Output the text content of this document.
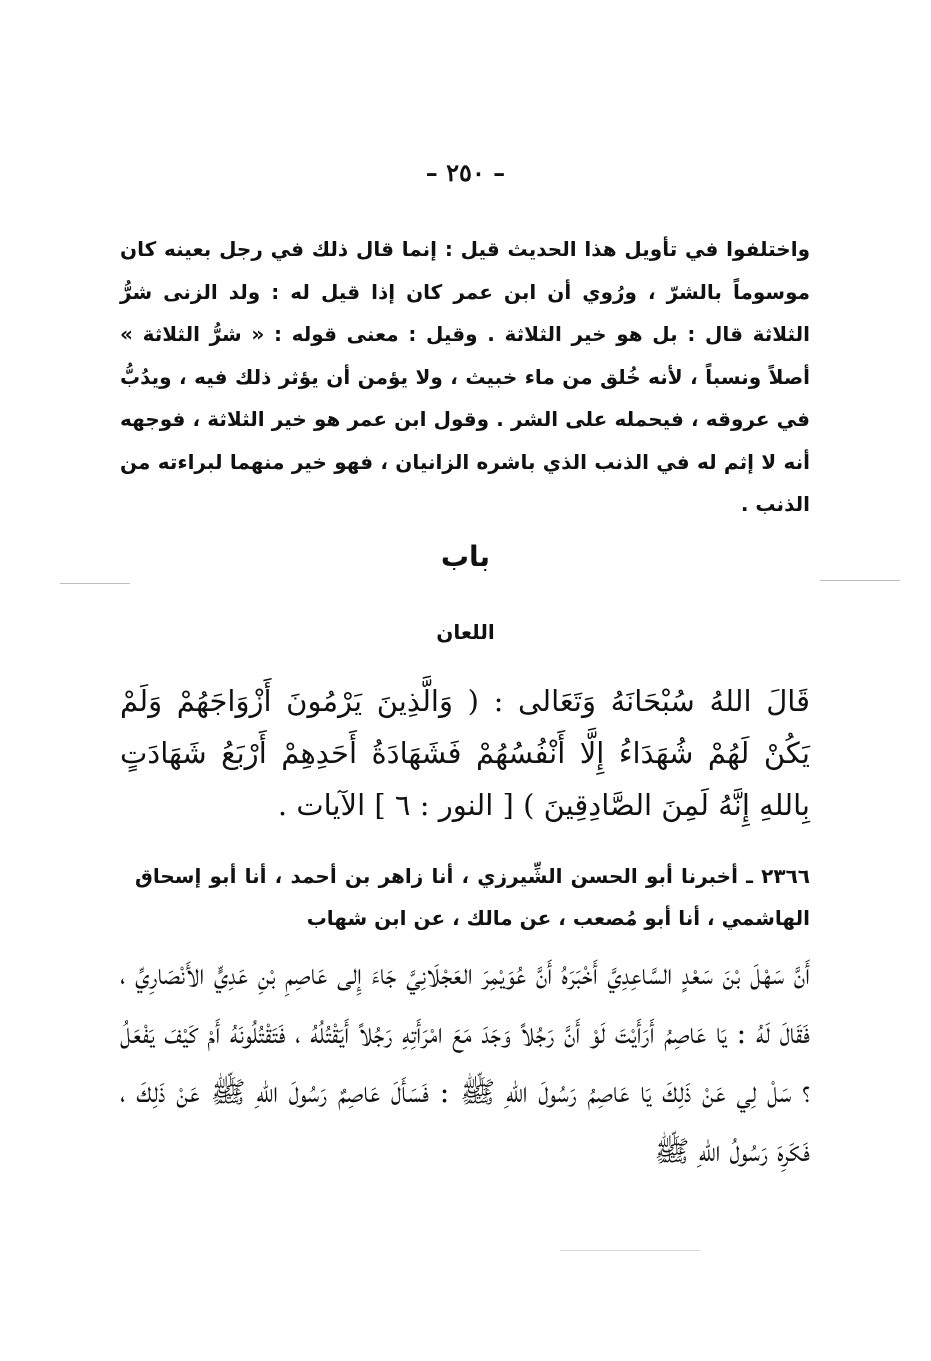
– ٢٥٠ –
واختلفوا في تأويل هذا الحديث قيل : إنما قال ذلك في رجل بعينه كان موسوماً بالشرّ ، ورُوي أن ابن عمر كان إذا قيل له : ولد الزنى شرُّ الثلاثة قال : بل هو خير الثلاثة . وقيل : معنى قوله : « شرُّ الثلاثة » أصلاً ونسباً ، لأنه خُلق من ماء خبيث ، ولا يؤمن أن يؤثر ذلك فيه ، ويدُبُّ في عروقه ، فيحمله على الشر . وقول ابن عمر هو خير الثلاثة ، فوجهه أنه لا إثم له في الذنب الذي باشره الزانيان ، فهو خير منهما لبراءته من الذنب .
باب
اللعان
قَالَ اللهُ سُبْحَانَهُ وَتَعَالى : ( وَالَّذِينَ يَرْمُونَ أَزْوَاجَهُمْ وَلَمْ يَكُنْ لَهُمْ شُهَدَاءُ إِلَّا أَنْفُسُهُمْ فَشَهَادَةُ أَحَدِهِمْ أَرْبَعُ شَهَادَتٍ بِاللهِ إِنَّهُ لَمِنَ الصَّادِقِينَ ) [ النور : ٦ ] الآيات .
٢٣٦٦ ـ أخبرنا أبو الحسن الشِّيرزي ، أنا زاهر بن أحمد ، أنا أبو إسحاق الهاشمي ، أنا أبو مُصعب ، عن مالك ، عن ابن شهاب
أَنَّ سَهْلَ بْنَ سَعْدٍ السَّاعِدِيَّ أَخْبَرَهُ أَنَّ عُوَيْمِرَ العَجْلَانِيَّ جَاءَ إِلى عَاصِمِ بْنِ عَدِيٍّ الأَنْصَارِيِّ ، فَقَالَ لَهُ : يَا عَاصِمُ أَرَأَيْتَ لَوْ أَنَّ رَجُلاً وَجَدَ مَعَ امْرَأَتِهِ رَجُلاً أَيَقْتُلُهُ ، فَتَقْتُلُونَهُ أَمْ كَيْفَ يَفْعَلُ ؟ سَلْ لِي عَنْ ذَلِكَ يَا عَاصِمُ رَسُولَ اللهِ ﷺ : فَسَأَلَ عَاصِمٌ رَسُولَ اللهِ ﷺ عَنْ ذَلِكَ ، فَكَرِهَ رَسُولُ اللهِ ﷺ
